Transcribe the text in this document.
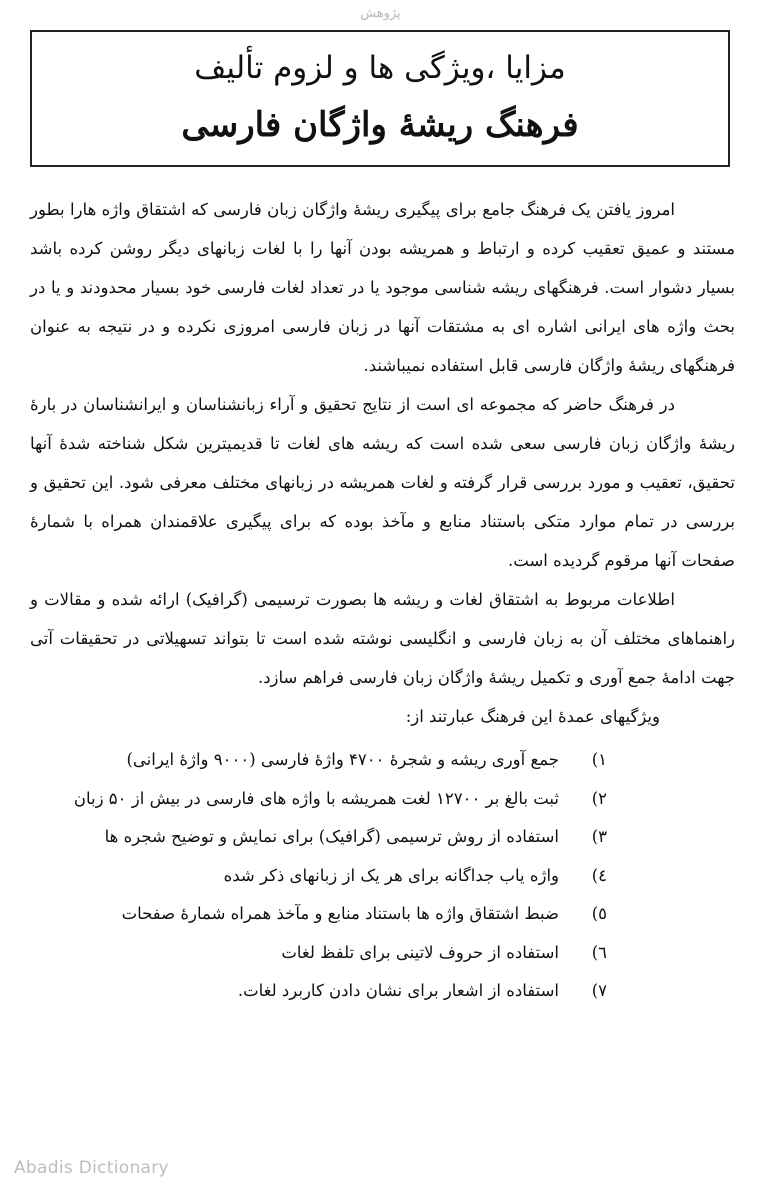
پژوهش
مزایا ،ویژگی ها و لزوم تألیف
فرهنگ ریشهٔ واژگان فارسی

امروز یافتن یک فرهنگ جامع برای پیگیری ریشهٔ واژگان زبان فارسی که اشتقاق واژه هارا بطور مستند و عمیق تعقیب کرده و ارتباط و همریشه بودن آنها را با لغات زبانهای دیگر روشن کرده باشد بسیار دشوار است. فرهنگهای ریشه شناسی موجود یا در تعداد لغات فارسی خود بسیار محدودند و یا در بحث واژه های ایرانی اشاره ای به مشتقات آنها در زبان فارسی امروزی نکرده و در نتیجه به عنوان فرهنگهای ریشهٔ واژگان فارسی قابل استفاده نمیباشند.

در فرهنگ حاضر که مجموعه ای است از نتایج تحقیق و آراء زبانشناسان و ایرانشناسان در بارهٔ ریشهٔ واژگان زبان فارسی سعی شده است که ریشه های لغات تا قدیمیترین شکل شناخته شدهٔ آنها تحقیق، تعقیب و مورد بررسی قرار گرفته و لغات همریشه در زبانهای مختلف معرفی شود. این تحقیق و بررسی در تمام موارد متکی باستناد منابع و مآخذ بوده که برای پیگیری علاقمندان همراه با شمارهٔ صفحات آنها مرقوم گردیده است.

اطلاعات مربوط به اشتقاق لغات و ریشه ها بصورت ترسیمی (گرافیک) ارائه شده و مقالات و راهنماهای مختلف آن به زبان فارسی و انگلیسی نوشته شده است تا بتواند تسهیلاتی در تحقیقات آتی جهت ادامهٔ جمع آوری و تکمیل ریشهٔ واژگان زبان فارسی فراهم سازد.

ویژگیهای عمدهٔ این فرهنگ عبارتند از:

۱)
جمع آوری ریشه و شجرهٔ ۴۷۰۰ واژهٔ فارسی (۹۰۰۰ واژهٔ ایرانی)
۲)
ثبت بالغ بر ۱۲۷۰۰ لغت همریشه با واژه های فارسی در بیش از ۵۰ زبان
۳)
استفاده از روش ترسیمی (گرافیک) برای نمایش و توضیح شجره ها
٤)
واژه یاب جداگانه برای هر یک از زبانهای ذکر شده
٥)
ضبط اشتقاق واژه ها باستناد منابع و مآخذ همراه شمارهٔ صفحات
٦)
استفاده از حروف لاتینی برای تلفظ لغات
۷)
استفاده از اشعار برای نشان دادن کاربرد لغات.
Abadis Dictionary
